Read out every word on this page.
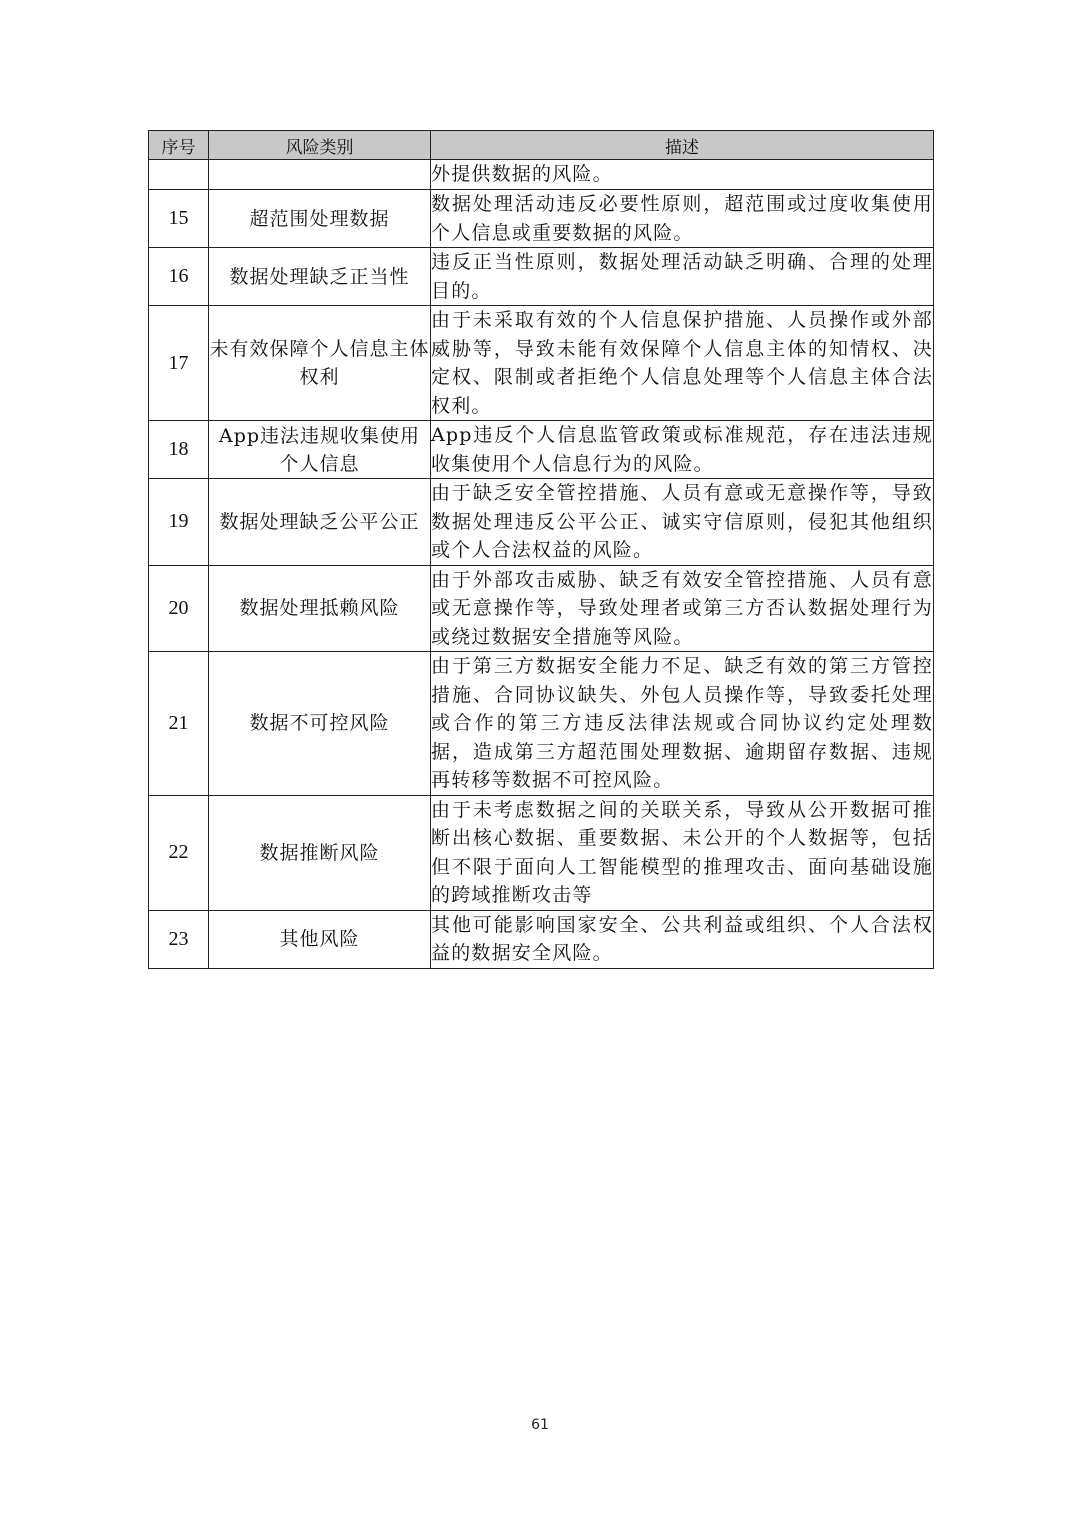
序号	风险类别	描述
		外提供数据的风险。
15	超范围处理数据	数据处理活动违反必要性原则，超范围或过度收集使用个人信息或重要数据的风险。
16	数据处理缺乏正当性	违反正当性原则，数据处理活动缺乏明确、合理的处理目的。
17	未有效保障个人信息主体权利	由于未采取有效的个人信息保护措施、人员操作或外部威胁等，导致未能有效保障个人信息主体的知情权、决定权、限制或者拒绝个人信息处理等个人信息主体合法权利。
18	App违法违规收集使用个人信息	App违反个人信息监管政策或标准规范，存在违法违规收集使用个人信息行为的风险。
19	数据处理缺乏公平公正	由于缺乏安全管控措施、人员有意或无意操作等，导致数据处理违反公平公正、诚实守信原则，侵犯其他组织或个人合法权益的风险。
20	数据处理抵赖风险	由于外部攻击威胁、缺乏有效安全管控措施、人员有意或无意操作等，导致处理者或第三方否认数据处理行为或绕过数据安全措施等风险。
21	数据不可控风险	由于第三方数据安全能力不足、缺乏有效的第三方管控措施、合同协议缺失、外包人员操作等，导致委托处理或合作的第三方违反法律法规或合同协议约定处理数据，造成第三方超范围处理数据、逾期留存数据、违规再转移等数据不可控风险。
22	数据推断风险	由于未考虑数据之间的关联关系，导致从公开数据可推断出核心数据、重要数据、未公开的个人数据等，包括但不限于面向人工智能模型的推理攻击、面向基础设施的跨域推断攻击等
23	其他风险	其他可能影响国家安全、公共利益或组织、个人合法权益的数据安全风险。
61
